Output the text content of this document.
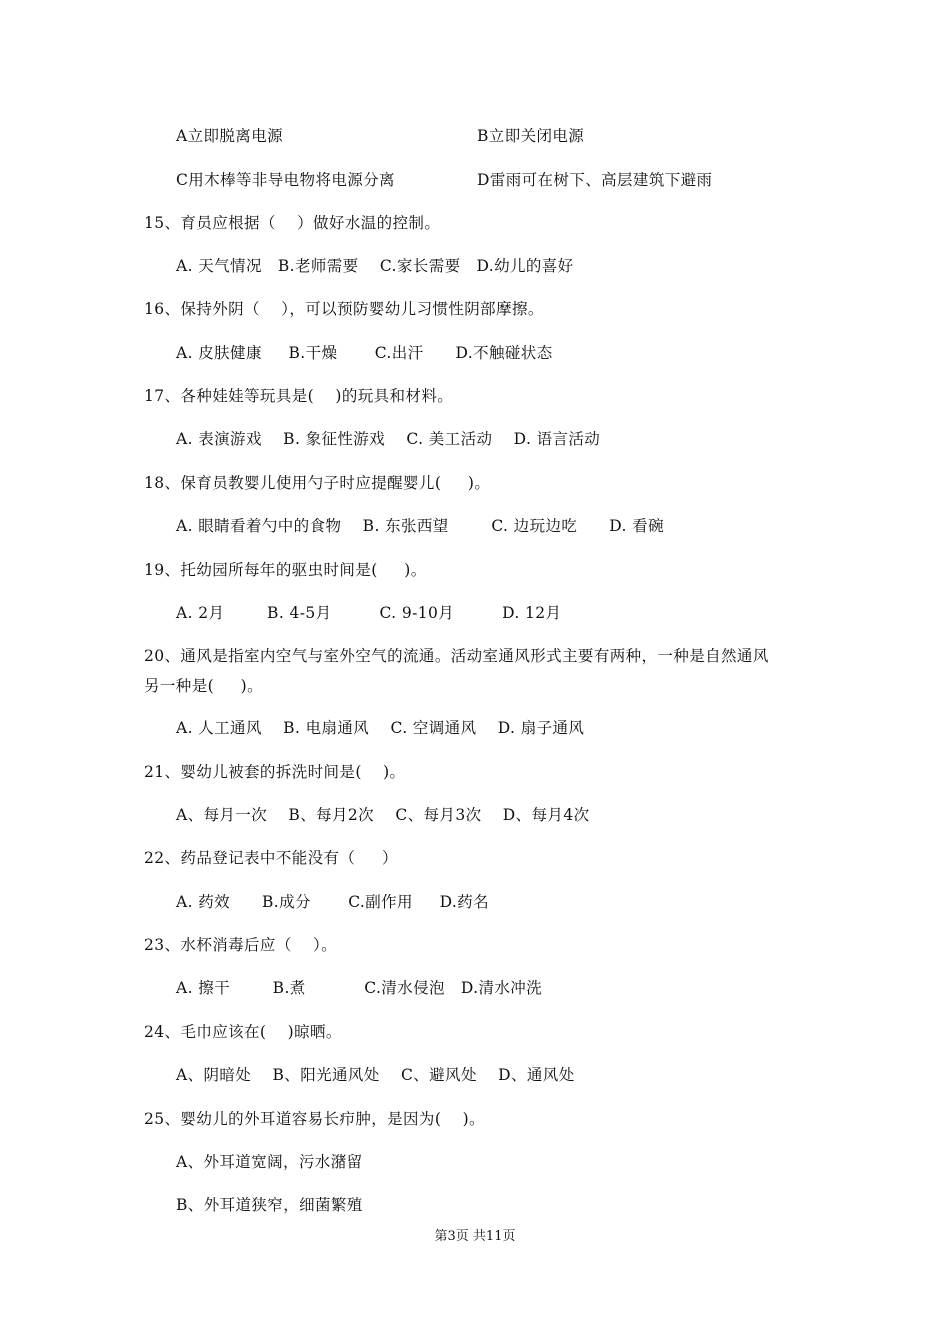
A立即脱离电源	B立即关闭电源
C用木棒等非导电物将电源分离	D雷雨可在树下、高层建筑下避雨
15、育员应根据（    ）做好水温的控制。
A. 天气情况   B.老师需要    C.家长需要   D.幼儿的喜好
16、保持外阴（    ），可以预防婴幼儿习惯性阴部摩擦。
A. 皮肤健康     B.干燥       C.出汗      D.不触碰状态
17、各种娃娃等玩具是(    )的玩具和材料。
A. 表演游戏    B. 象征性游戏    C. 美工活动    D. 语言活动
18、保育员教婴儿使用勺子时应提醒婴儿(     )。
A. 眼睛看着勺中的食物    B. 东张西望        C. 边玩边吃      D. 看碗
19、托幼园所每年的驱虫时间是(     )。
A. 2月        B. 4-5月         C. 9-10月         D. 12月
20、通风是指室内空气与室外空气的流通。活动室通风形式主要有两种，一种是自然通风
另一种是(     )。
A. 人工通风    B. 电扇通风    C. 空调通风    D. 扇子通风
21、婴幼儿被套的拆洗时间是(    )。
A、每月一次    B、每月2次    C、每月3次    D、每月4次
22、药品登记表中不能没有（     ）
A. 药效      B.成分       C.副作用     D.药名
23、水杯消毒后应（    ）。
A. 擦干        B.煮           C.清水侵泡   D.清水冲洗
24、毛巾应该在(    )晾晒。
A、阴暗处    B、阳光通风处    C、避风处    D、通风处
25、婴幼儿的外耳道容易长疖肿，是因为(    )。
A、外耳道宽阔，污水潴留
B、外耳道狭窄，细菌繁殖
第3页 共11页
